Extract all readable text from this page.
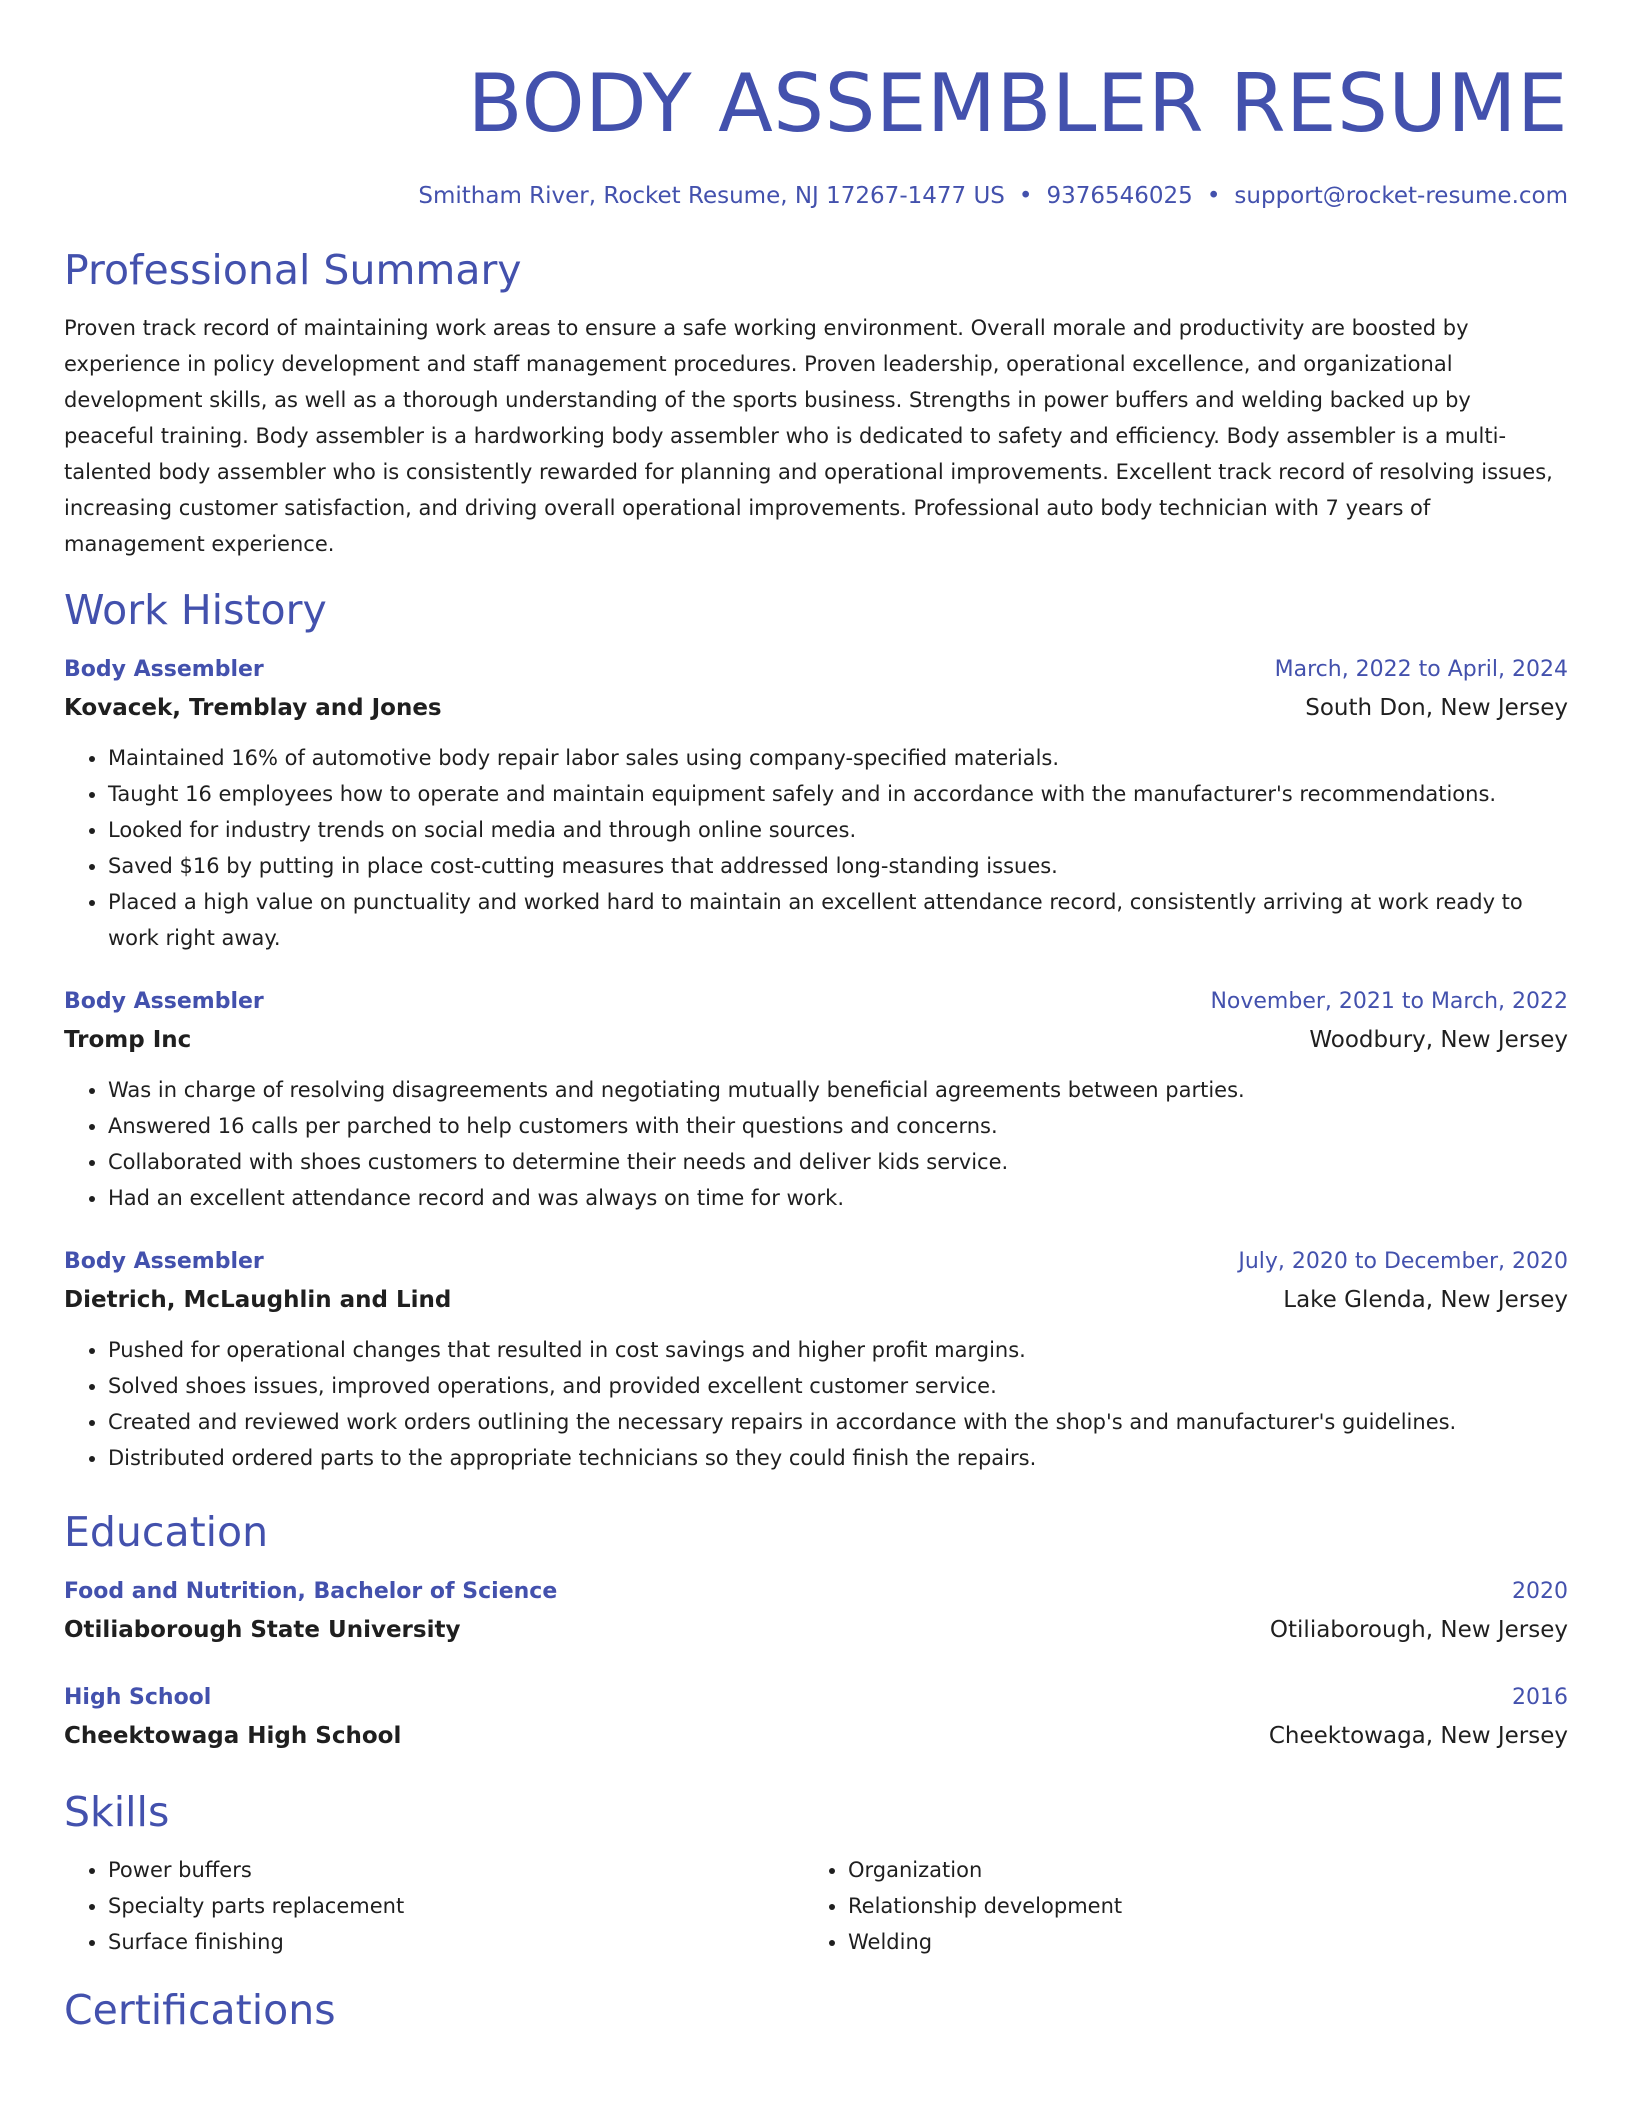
BODY ASSEMBLER RESUME
Smitham River, Rocket Resume, NJ 17267-1477 US • 9376546025 • support@rocket-resume.com
Professional Summary
Proven track record of maintaining work areas to ensure a safe working environment. Overall morale and productivity are boosted by experience in policy development and staff management procedures. Proven leadership, operational excellence, and organizational development skills, as well as a thorough understanding of the sports business. Strengths in power buffers and welding backed up by peaceful training. Body assembler is a hardworking body assembler who is dedicated to safety and efficiency. Body assembler is a multi-talented body assembler who is consistently rewarded for planning and operational improvements. Excellent track record of resolving issues, increasing customer satisfaction, and driving overall operational improvements. Professional auto body technician with 7 years of management experience.
Work History
Body Assembler	March, 2022 to April, 2024
Kovacek, Tremblay and Jones	South Don, New Jersey
• Maintained 16% of automotive body repair labor sales using company-specified materials.
• Taught 16 employees how to operate and maintain equipment safely and in accordance with the manufacturer's recommendations.
• Looked for industry trends on social media and through online sources.
• Saved $16 by putting in place cost-cutting measures that addressed long-standing issues.
• Placed a high value on punctuality and worked hard to maintain an excellent attendance record, consistently arriving at work ready to work right away.
Body Assembler	November, 2021 to March, 2022
Tromp Inc	Woodbury, New Jersey
• Was in charge of resolving disagreements and negotiating mutually beneficial agreements between parties.
• Answered 16 calls per parched to help customers with their questions and concerns.
• Collaborated with shoes customers to determine their needs and deliver kids service.
• Had an excellent attendance record and was always on time for work.
Body Assembler	July, 2020 to December, 2020
Dietrich, McLaughlin and Lind	Lake Glenda, New Jersey
• Pushed for operational changes that resulted in cost savings and higher profit margins.
• Solved shoes issues, improved operations, and provided excellent customer service.
• Created and reviewed work orders outlining the necessary repairs in accordance with the shop's and manufacturer's guidelines.
• Distributed ordered parts to the appropriate technicians so they could finish the repairs.
Education
Food and Nutrition, Bachelor of Science	2020
Otiliaborough State University	Otiliaborough, New Jersey
High School	2016
Cheektowaga High School	Cheektowaga, New Jersey
Skills
• Power buffers
• Specialty parts replacement
• Surface finishing
• Organization
• Relationship development
• Welding
Certifications
